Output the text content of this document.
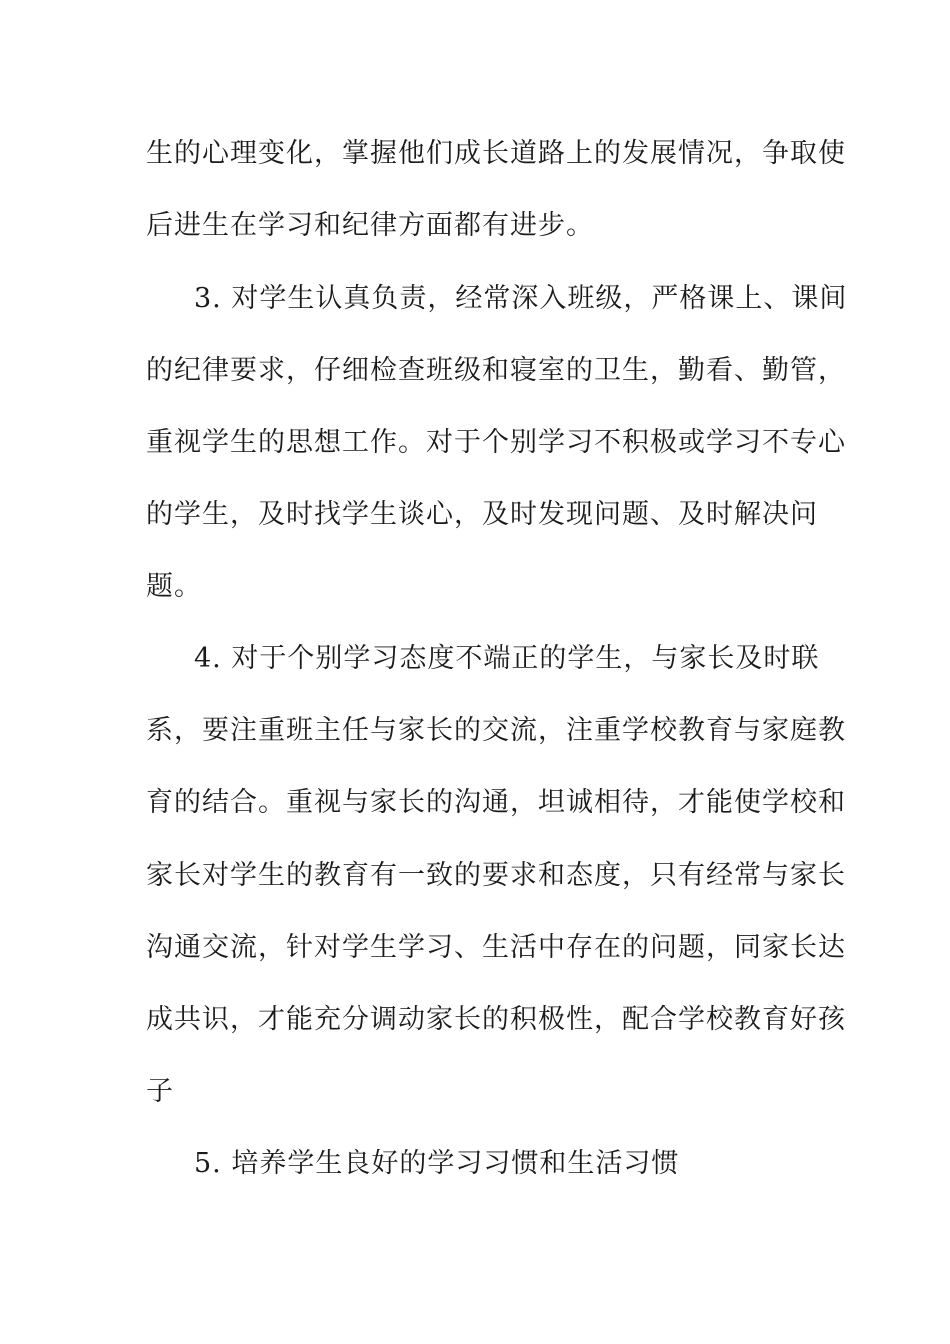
生的心理变化，掌握他们成长道路上的发展情况，争取使
后进生在学习和纪律方面都有进步。
3. 对学生认真负责，经常深入班级，严格课上、课间
的纪律要求，仔细检查班级和寝室的卫生，勤看、勤管，
重视学生的思想工作。对于个别学习不积极或学习不专心
的学生，及时找学生谈心，及时发现问题、及时解决问
题。
4. 对于个别学习态度不端正的学生，与家长及时联
系，要注重班主任与家长的交流，注重学校教育与家庭教
育的结合。重视与家长的沟通，坦诚相待，才能使学校和
家长对学生的教育有一致的要求和态度，只有经常与家长
沟通交流，针对学生学习、生活中存在的问题，同家长达
成共识，才能充分调动家长的积极性，配合学校教育好孩
子
5. 培养学生良好的学习习惯和生活习惯
